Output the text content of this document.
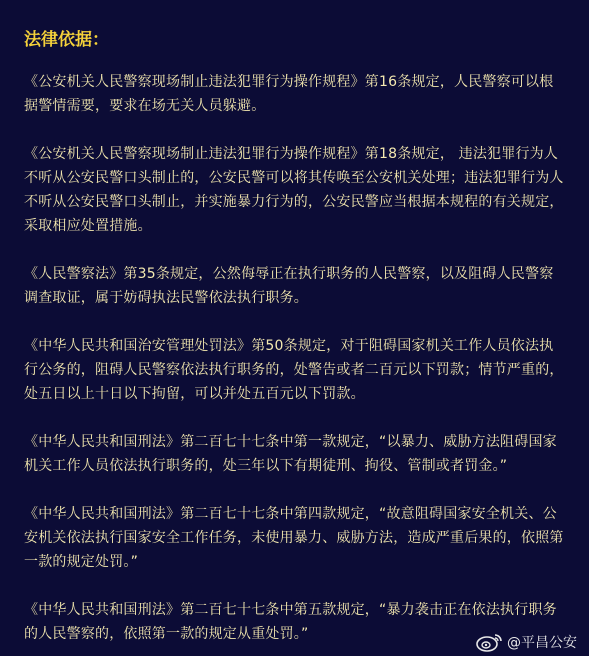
法律依据：

《公安机关人民警察现场制止违法犯罪行为操作规程》第16条规定，人民警察可以根据警情需要，要求在场无关人员躲避。

《公安机关人民警察现场制止违法犯罪行为操作规程》第18条规定， 违法犯罪行为人不听从公安民警口头制止的，公安民警可以将其传唤至公安机关处理；违法犯罪行为人不听从公安民警口头制止，并实施暴力行为的，公安民警应当根据本规程的有关规定，采取相应处置措施。

《人民警察法》第35条规定，公然侮辱正在执行职务的人民警察，以及阻碍人民警察调查取证，属于妨碍执法民警依法执行职务。

《中华人民共和国治安管理处罚法》第50条规定，对于阻碍国家机关工作人员依法执行公务的，阻碍人民警察依法执行职务的，处警告或者二百元以下罚款；情节严重的，处五日以上十日以下拘留，可以并处五百元以下罚款。

《中华人民共和国刑法》第二百七十七条中第一款规定，“以暴力、威胁方法阻碍国家机关工作人员依法执行职务的，处三年以下有期徒刑、拘役、管制或者罚金。”

《中华人民共和国刑法》第二百七十七条中第四款规定，“故意阻碍国家安全机关、公安机关依法执行国家安全工作任务，未使用暴力、威胁方法，造成严重后果的，依照第一款的规定处罚。”

《中华人民共和国刑法》第二百七十七条中第五款规定，“暴力袭击正在依法执行职务的人民警察的，依照第一款的规定从重处罚。”

@平昌公安
